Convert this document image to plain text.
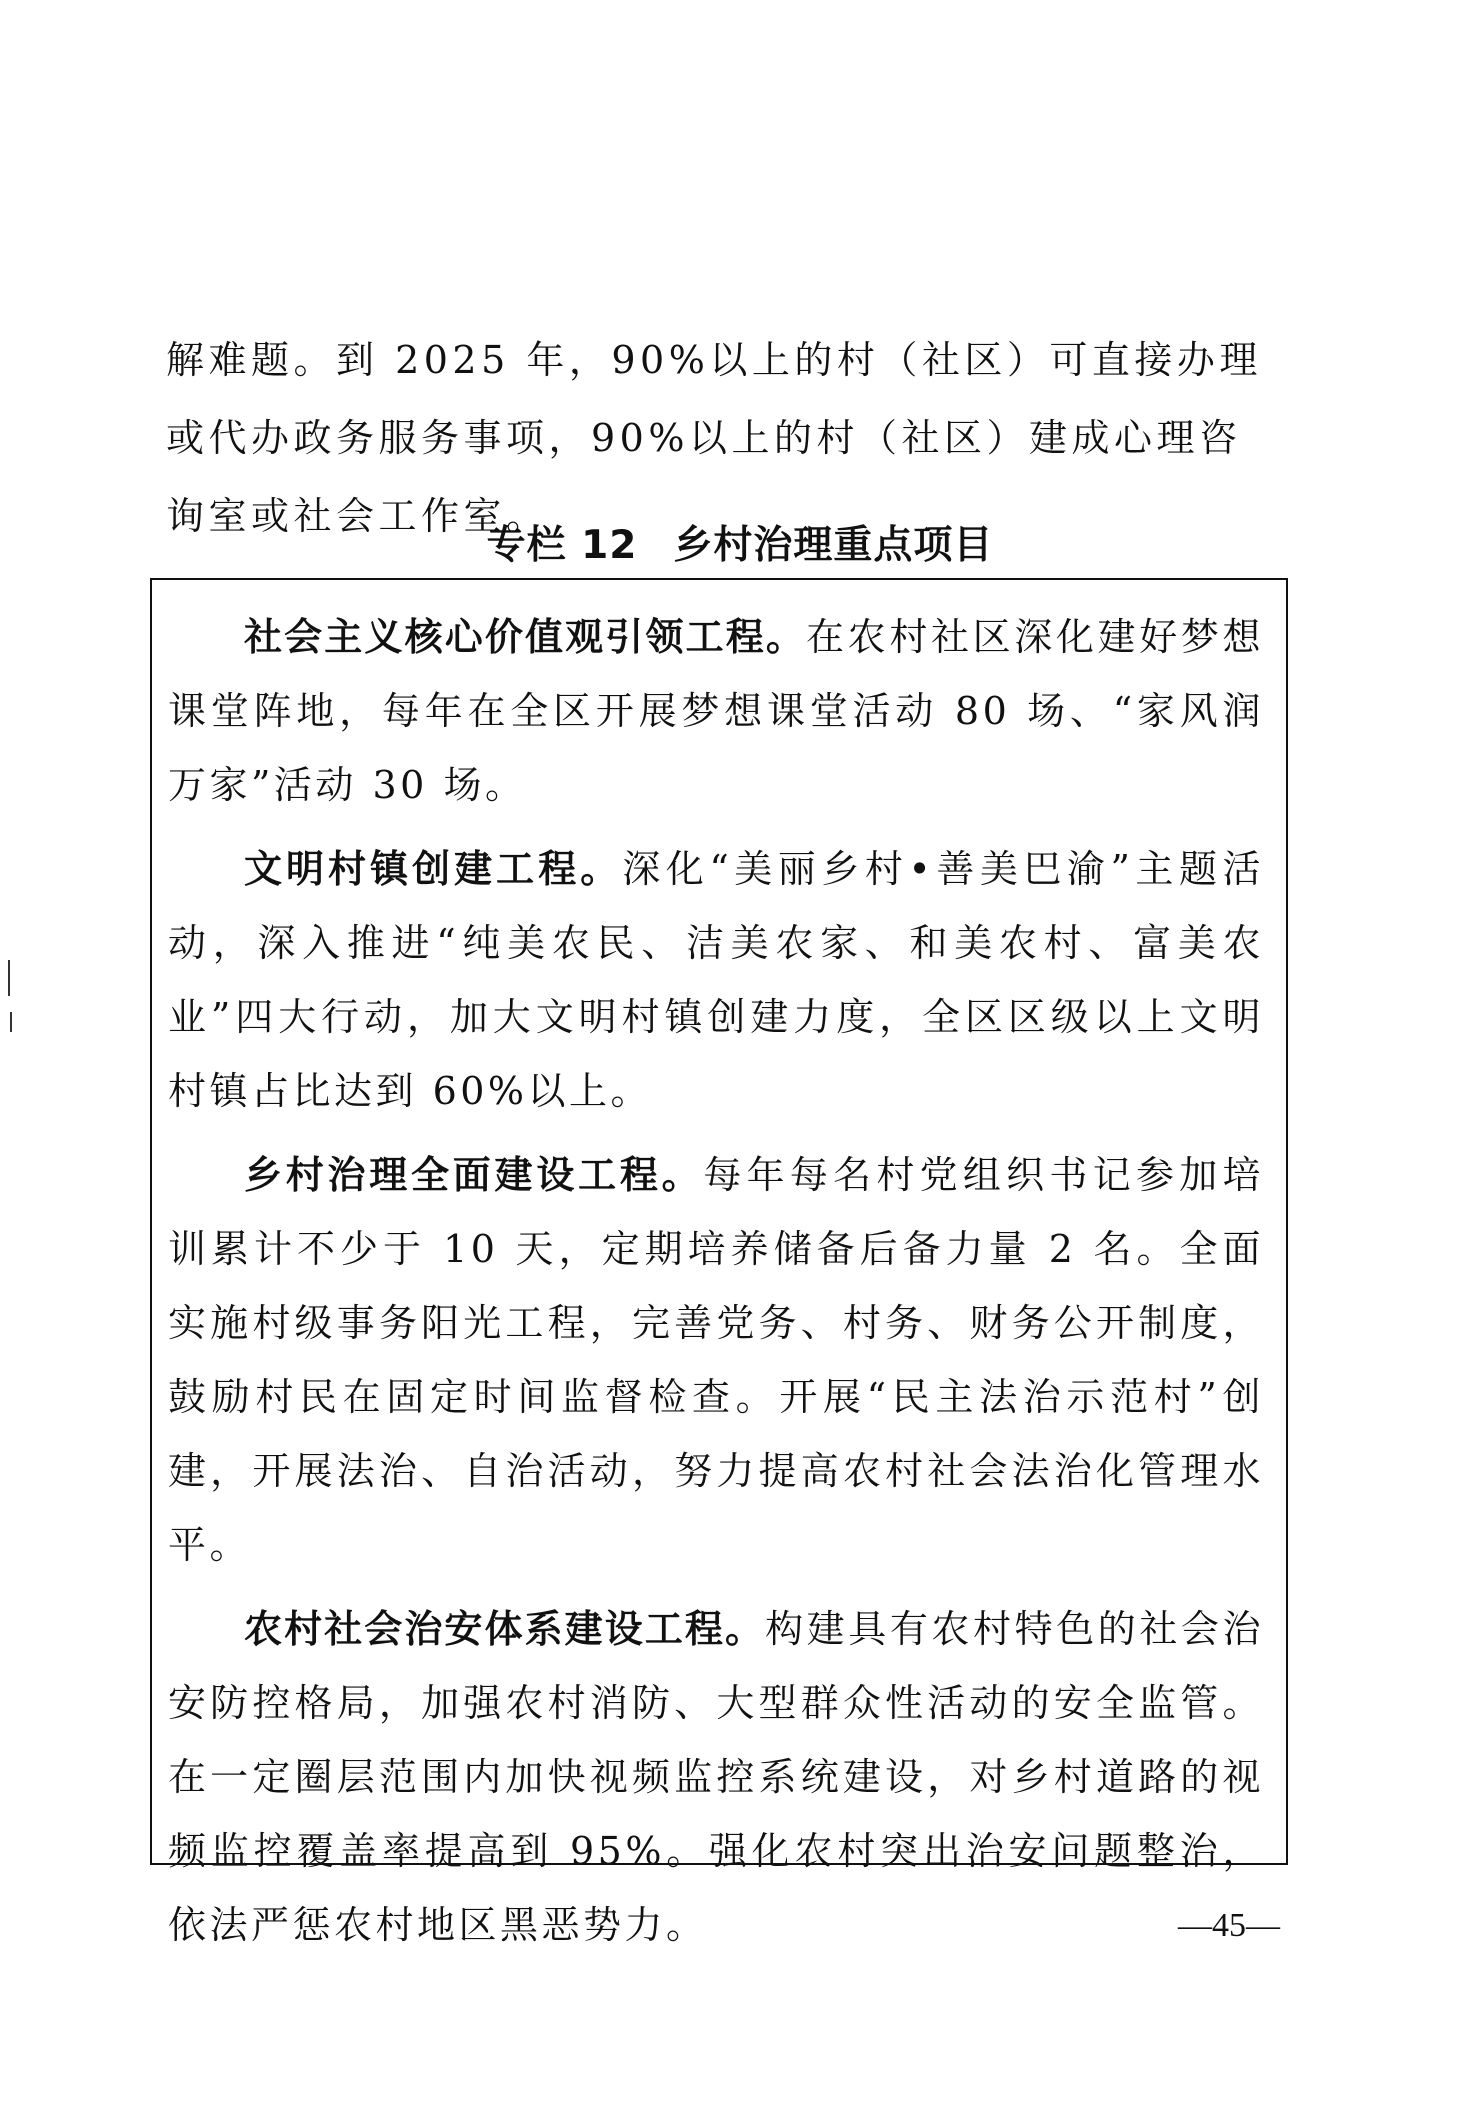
解难题。到 2025 年，90%以上的村（社区）可直接办理或代办政务服务事项，90%以上的村（社区）建成心理咨询室或社会工作室。

专栏 12 乡村治理重点项目

社会主义核心价值观引领工程。在农村社区深化建好梦想课堂阵地，每年在全区开展梦想课堂活动 80 场、“家风润万家”活动 30 场。

文明村镇创建工程。深化“美丽乡村•善美巴渝”主题活动，深入推进“纯美农民、洁美农家、和美农村、富美农业”四大行动，加大文明村镇创建力度，全区区级以上文明村镇占比达到 60%以上。

乡村治理全面建设工程。每年每名村党组织书记参加培训累计不少于 10 天，定期培养储备后备力量 2 名。全面实施村级事务阳光工程，完善党务、村务、财务公开制度，鼓励村民在固定时间监督检查。开展“民主法治示范村”创建，开展法治、自治活动，努力提高农村社会法治化管理水平。

农村社会治安体系建设工程。构建具有农村特色的社会治安防控格局，加强农村消防、大型群众性活动的安全监管。在一定圈层范围内加快视频监控系统建设，对乡村道路的视频监控覆盖率提高到 95%。强化农村突出治安问题整治，依法严惩农村地区黑恶势力。	—45—
